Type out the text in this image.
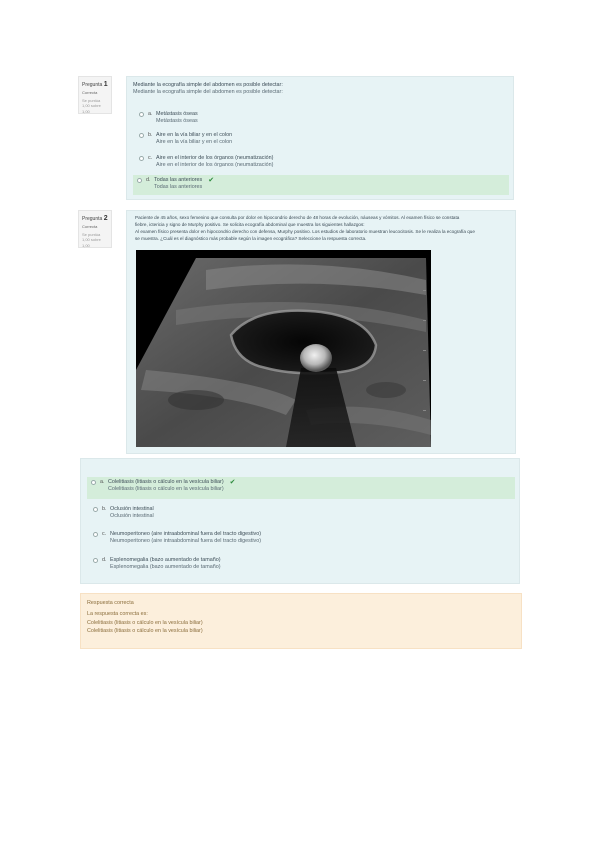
Pregunta 1
Correcta
Se puntúa 1,00 sobre 1,00
Mediante la ecografía simple del abdomen es posible detectar:
Mediante la ecografía simple del abdomen es posible detectar:
a. Metástasis óseas
Metástasis óseas
b. Aire en la vía biliar y en el colon
Aire en la vía biliar y en el colon
c. Aire en el interior de los órganos (neumatización)
Aire en el interior de los órganos (neumatización)
d. Todas las anteriores
Todas las anteriores
✔
Pregunta 2
Correcta
Se puntúa 1,00 sobre 1,00
Paciente de 45 años, sexo femenino que consulta por dolor en hipocondrio derecho de 48 horas de evolución, náuseas y vómitos. Al examen físico se constata
fiebre, ictericia y signo de Murphy positivo. Se solicita ecografía abdominal que muestra los siguientes hallazgos:
Al examen físico presenta dolor en hipocondrio derecho con defensa, Murphy positivo. Los estudios de laboratorio muestran leucocitosis. Se le realiza la ecografía que
se muestra. ¿Cuál es el diagnóstico más probable según la imagen ecográfica? Seleccione la respuesta correcta.
a. Colelitiasis (litiasis o cálculo en la vesícula biliar)
Colelitiasis (litiasis o cálculo en la vesícula biliar)
✔
b. Oclusión intestinal
Oclusión intestinal
c. Neumoperitoneo (aire intraabdominal fuera del tracto digestivo)
Neumoperitoneo (aire intraabdominal fuera del tracto digestivo)
d. Esplenomegalia (bazo aumentado de tamaño)
Esplenomegalia (bazo aumentado de tamaño)
Respuesta correcta
La respuesta correcta es:
Colelitiasis (litiasis o cálculo en la vesícula biliar)
Colelitiasis (litiasis o cálculo en la vesícula biliar)
